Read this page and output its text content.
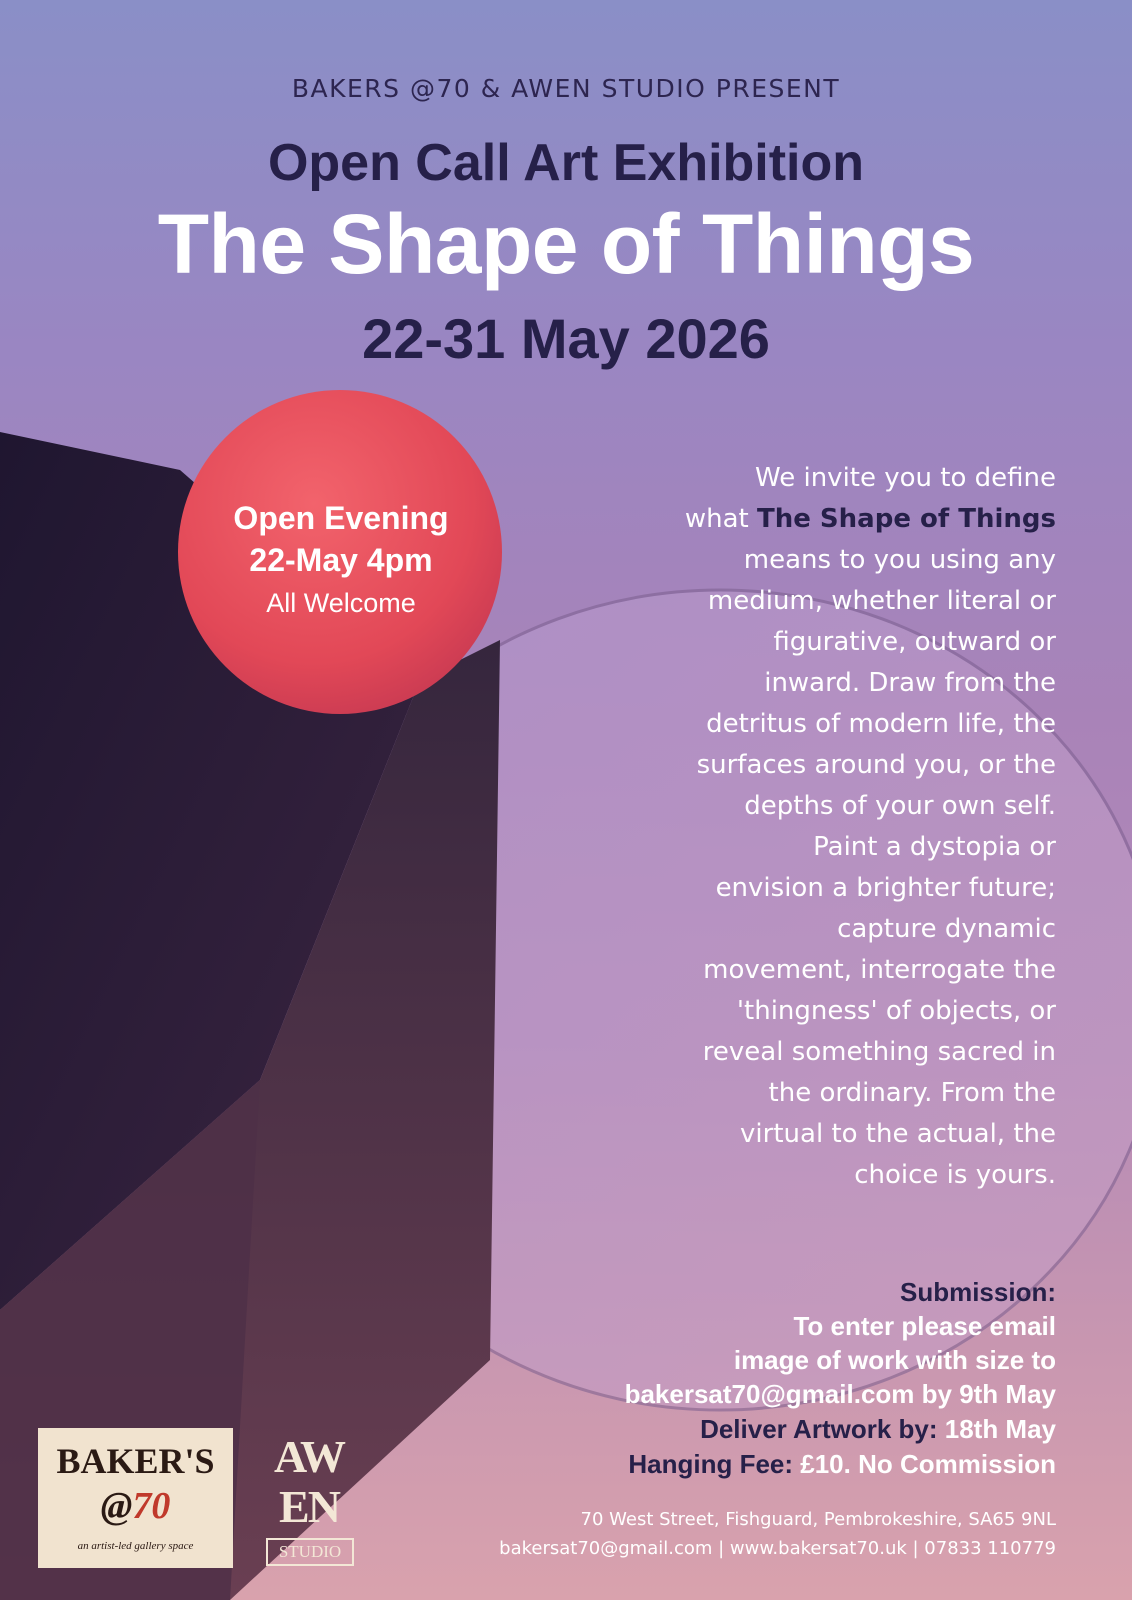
BAKERS @70 & AWEN STUDIO PRESENT
Open Call Art Exhibition
The Shape of Things
22-31 May 2026
Open Evening
22-May 4pm
All Welcome
We invite you to define
what The Shape of Things
means to you using any
medium, whether literal or
figurative, outward or
inward. Draw from the
detritus of modern life, the
surfaces around you, or the
depths of your own self.
Paint a dystopia or
envision a brighter future;
capture dynamic
movement, interrogate the
'thingness' of objects, or
reveal something sacred in
the ordinary. From the
virtual to the actual, the
choice is yours.
Submission:
To enter please email
image of work with size to
bakersat70@gmail.com by 9th May
Deliver Artwork by: 18th May
Hanging Fee: £10. No Commission
70 West Street, Fishguard, Pembrokeshire, SA65 9NL
bakersat70@gmail.com | www.bakersat70.uk | 07833 110779
BAKER'S
@70
an artist-led gallery space
AW
EN
STUDIO
